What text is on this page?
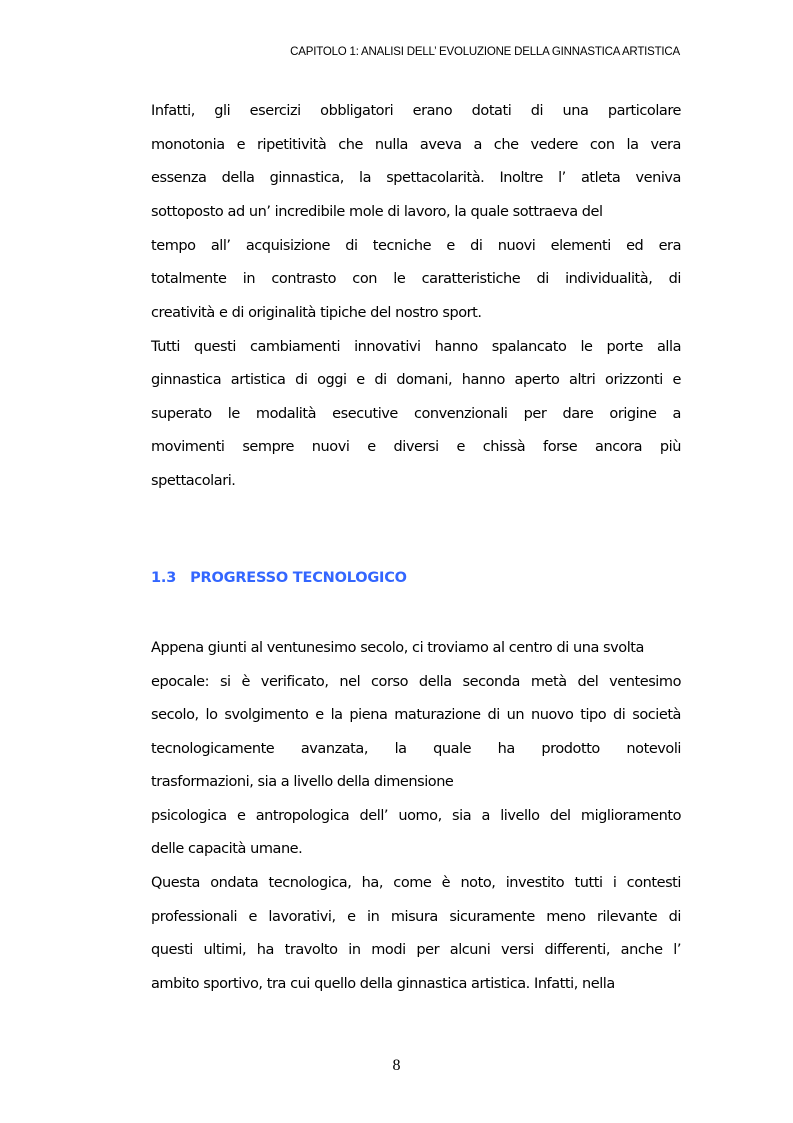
CAPITOLO 1: ANALISI DELL’ EVOLUZIONE DELLA GINNASTICA ARTISTICA
Infatti, gli esercizi obbligatori erano dotati di una particolare
monotonia e ripetitività che nulla aveva a che vedere con la vera
essenza della ginnastica, la spettacolarità. Inoltre l’ atleta veniva
sottoposto ad un’ incredibile mole di lavoro, la quale sottraeva del
tempo all’ acquisizione di tecniche e di nuovi elementi ed era
totalmente in contrasto con le caratteristiche di individualità, di
creatività e di originalità tipiche del nostro sport.
Tutti questi cambiamenti innovativi hanno spalancato le porte alla
ginnastica artistica di oggi e di domani, hanno aperto altri orizzonti e
superato le modalità esecutive convenzionali per dare origine a
movimenti sempre nuovi e diversi e chissà forse ancora più
spettacolari.
1.3 PROGRESSO TECNOLOGICO
Appena giunti al ventunesimo secolo, ci troviamo al centro di una svolta
epocale: si è verificato, nel corso della seconda metà del ventesimo
secolo, lo svolgimento e la piena maturazione di un nuovo tipo di società
tecnologicamente avanzata, la quale ha prodotto notevoli
trasformazioni, sia a livello della dimensione
psicologica e antropologica dell’ uomo, sia a livello del miglioramento
delle capacità umane.
Questa ondata tecnologica, ha, come è noto, investito tutti i contesti
professionali e lavorativi, e in misura sicuramente meno rilevante di
questi ultimi, ha travolto in modi per alcuni versi differenti, anche l’
ambito sportivo, tra cui quello della ginnastica artistica. Infatti, nella
8
